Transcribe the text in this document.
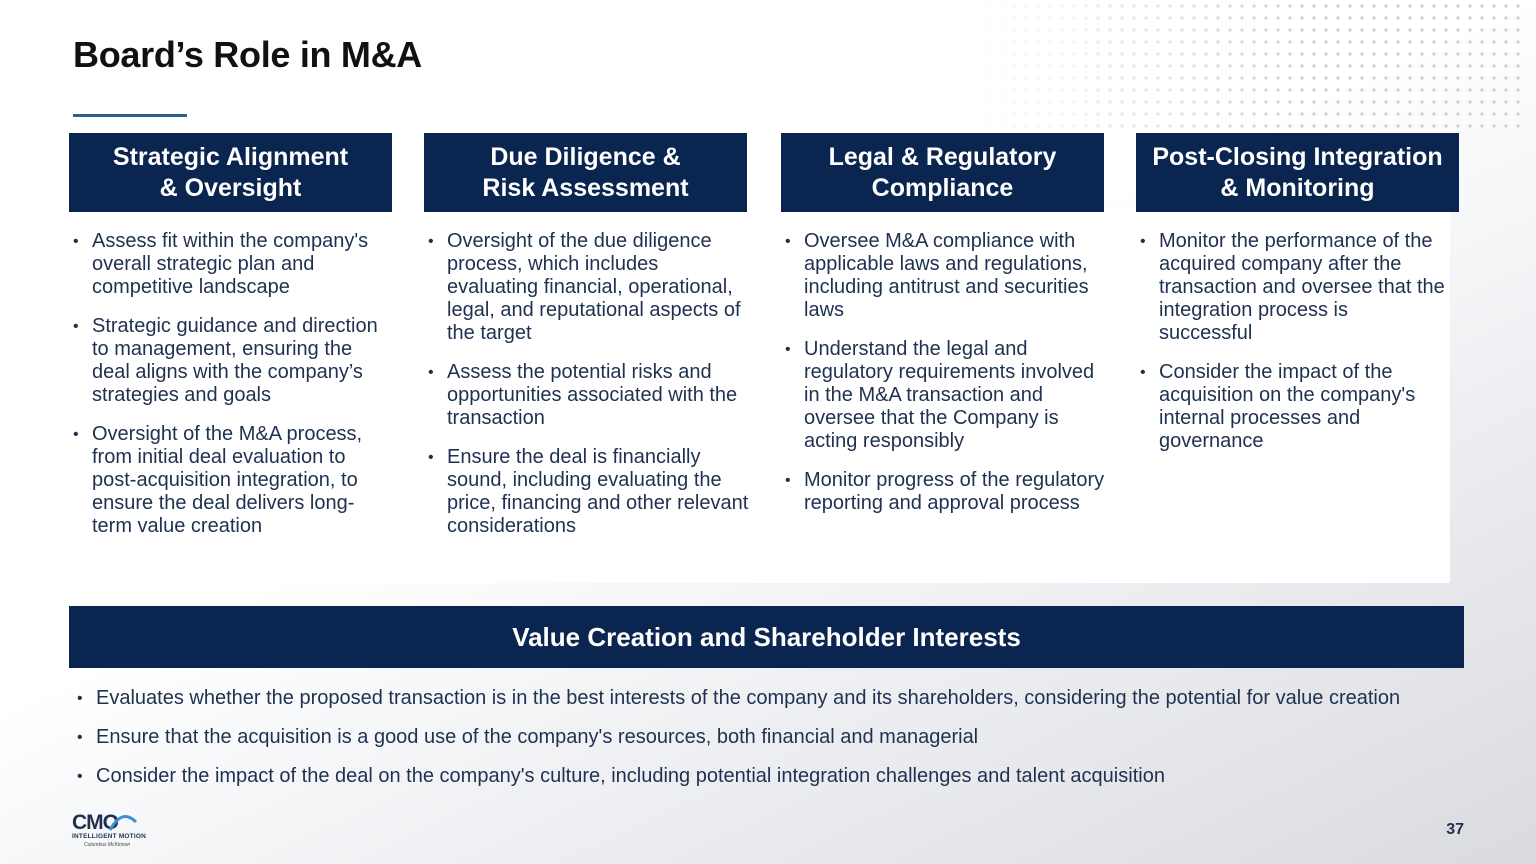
Board’s Role in M&A
Strategic Alignment
& Oversight
• Assess fit within the company's overall strategic plan and competitive landscape
• Strategic guidance and direction to management, ensuring the deal aligns with the company’s strategies and goals
• Oversight of the M&A process, from initial deal evaluation to post-acquisition integration, to ensure the deal delivers long-term value creation
Due Diligence &
Risk Assessment
• Oversight of the due diligence process, which includes evaluating financial, operational, legal, and reputational aspects of the target
• Assess the potential risks and opportunities associated with the transaction
• Ensure the deal is financially sound, including evaluating the price, financing and other relevant considerations
Legal & Regulatory
Compliance
• Oversee M&A compliance with applicable laws and regulations, including antitrust and securities laws
• Understand the legal and regulatory requirements involved in the M&A transaction and oversee that the Company is acting responsibly
• Monitor progress of the regulatory reporting and approval process
Post-Closing Integration
& Monitoring
• Monitor the performance of the acquired company after the transaction and oversee that the integration process is successful
• Consider the impact of the acquisition on the company's internal processes and governance
Value Creation and Shareholder Interests
• Evaluates whether the proposed transaction is in the best interests of the company and its shareholders, considering the potential for value creation
• Ensure that the acquisition is a good use of the company's resources, both financial and managerial
• Consider the impact of the deal on the company's culture, including potential integration challenges and talent acquisition
CMO
INTELLIGENT MOTION
Columbus McKinnon
37
